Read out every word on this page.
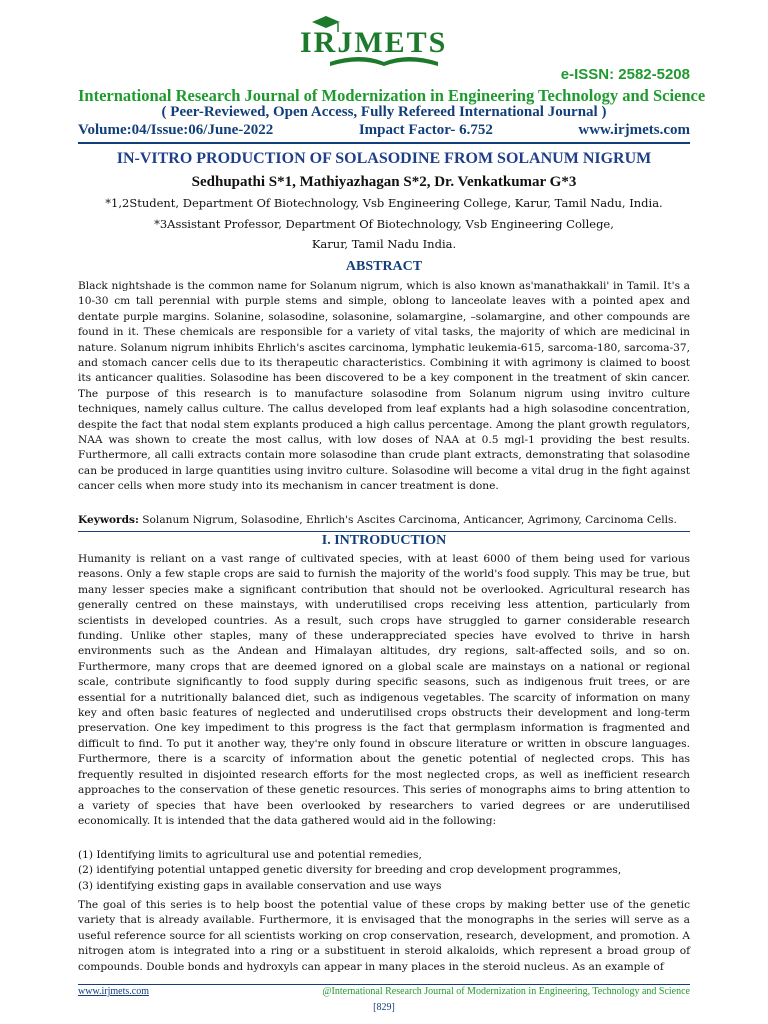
IRJMETS
e-ISSN: 2582-5208
International Research Journal of Modernization in Engineering Technology and Science
( Peer-Reviewed, Open Access, Fully Refereed International Journal )
Volume:04/Issue:06/June-2022	Impact Factor- 6.752	www.irjmets.com
IN-VITRO PRODUCTION OF SOLASODINE FROM SOLANUM NIGRUM
Sedhupathi S*1, Mathiyazhagan S*2, Dr. Venkatkumar G*3
*1,2Student, Department Of Biotechnology, Vsb Engineering College, Karur, Tamil Nadu, India.
*3Assistant Professor, Department Of Biotechnology, Vsb Engineering College,
Karur, Tamil Nadu India.
ABSTRACT

Black nightshade is the common name for Solanum nigrum, which is also known as'manathakkali' in Tamil. It's a 10-30 cm tall perennial with purple stems and simple, oblong to lanceolate leaves with a pointed apex and dentate purple margins. Solanine, solasodine, solasonine, solamargine, –solamargine, and other compounds are found in it. These chemicals are responsible for a variety of vital tasks, the majority of which are medicinal in nature. Solanum nigrum inhibits Ehrlich's ascites carcinoma, lymphatic leukemia-615, sarcoma-180, sarcoma-37, and stomach cancer cells due to its therapeutic characteristics. Combining it with agrimony is claimed to boost its anticancer qualities. Solasodine has been discovered to be a key component in the treatment of skin cancer. The purpose of this research is to manufacture solasodine from Solanum nigrum using invitro culture techniques, namely callus culture. The callus developed from leaf explants had a high solasodine concentration, despite the fact that nodal stem explants produced a high callus percentage. Among the plant growth regulators, NAA was shown to create the most callus, with low doses of NAA at 0.5 mgl-1 providing the best results. Furthermore, all calli extracts contain more solasodine than crude plant extracts, demonstrating that solasodine can be produced in large quantities using invitro culture. Solasodine will become a vital drug in the fight against cancer cells when more study into its mechanism in cancer treatment is done.

Keywords: Solanum Nigrum, Solasodine, Ehrlich's Ascites Carcinoma, Anticancer, Agrimony, Carcinoma Cells.

I. INTRODUCTION

Humanity is reliant on a vast range of cultivated species, with at least 6000 of them being used for various reasons. Only a few staple crops are said to furnish the majority of the world's food supply. This may be true, but many lesser species make a significant contribution that should not be overlooked. Agricultural research has generally centred on these mainstays, with underutilised crops receiving less attention, particularly from scientists in developed countries. As a result, such crops have struggled to garner considerable research funding. Unlike other staples, many of these underappreciated species have evolved to thrive in harsh environments such as the Andean and Himalayan altitudes, dry regions, salt-affected soils, and so on. Furthermore, many crops that are deemed ignored on a global scale are mainstays on a national or regional scale, contribute significantly to food supply during specific seasons, such as indigenous fruit trees, or are essential for a nutritionally balanced diet, such as indigenous vegetables. The scarcity of information on many key and often basic features of neglected and underutilised crops obstructs their development and long-term preservation. One key impediment to this progress is the fact that germplasm information is fragmented and difficult to find. To put it another way, they're only found in obscure literature or written in obscure languages. Furthermore, there is a scarcity of information about the genetic potential of neglected crops. This has frequently resulted in disjointed research efforts for the most neglected crops, as well as inefficient research approaches to the conservation of these genetic resources. This series of monographs aims to bring attention to a variety of species that have been overlooked by researchers to varied degrees or are underutilised economically. It is intended that the data gathered would aid in the following:

(1) Identifying limits to agricultural use and potential remedies,
(2) identifying potential untapped genetic diversity for breeding and crop development programmes,
(3) identifying existing gaps in available conservation and use ways

The goal of this series is to help boost the potential value of these crops by making better use of the genetic variety that is already available. Furthermore, it is envisaged that the monographs in the series will serve as a useful reference source for all scientists working on crop conservation, research, development, and promotion. A nitrogen atom is integrated into a ring or a substituent in steroid alkaloids, which represent a broad group of compounds. Double bonds and hydroxyls can appear in many places in the steroid nucleus. As an example of

www.irjmets.com	@International Research Journal of Modernization in Engineering, Technology and Science
[829]
